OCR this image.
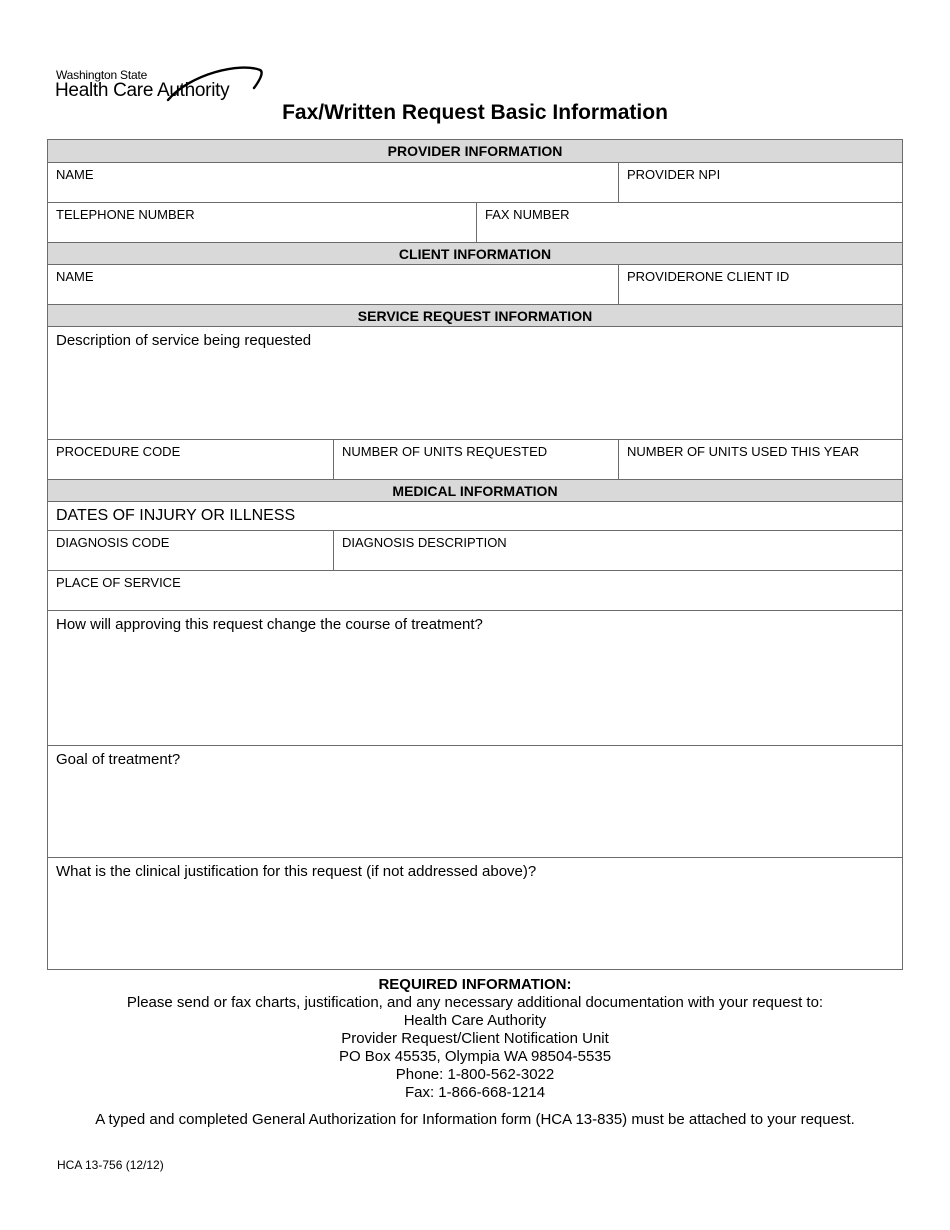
Washington State
Health Care Authority
Fax/Written Request Basic Information
PROVIDER INFORMATION
NAME	PROVIDER NPI
TELEPHONE NUMBER	FAX NUMBER
CLIENT INFORMATION
NAME	PROVIDERONE CLIENT ID
SERVICE REQUEST INFORMATION
Description of service being requested
PROCEDURE CODE	NUMBER OF UNITS REQUESTED	NUMBER OF UNITS USED THIS YEAR
MEDICAL INFORMATION
DATES OF INJURY OR ILLNESS
DIAGNOSIS CODE	DIAGNOSIS DESCRIPTION
PLACE OF SERVICE
How will approving this request change the course of treatment?
Goal of treatment?
What is the clinical justification for this request (if not addressed above)?
REQUIRED INFORMATION:
Please send or fax charts, justification, and any necessary additional documentation with your request to:
Health Care Authority
Provider Request/Client Notification Unit
PO Box 45535, Olympia WA 98504-5535
Phone: 1-800-562-3022
Fax: 1-866-668-1214
A typed and completed General Authorization for Information form (HCA 13-835) must be attached to your request.
HCA 13-756 (12/12)
